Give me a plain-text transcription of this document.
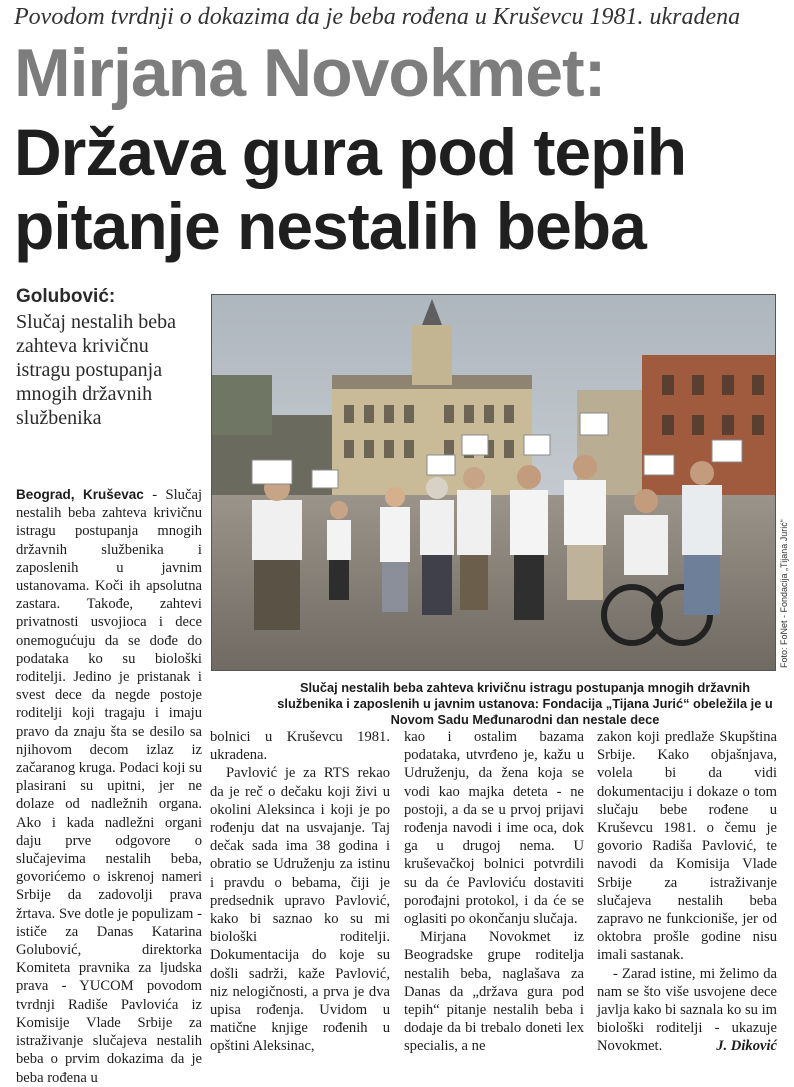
Povodom tvrdnji o dokazima da je beba rođena u Kruševcu 1981. ukradena
Mirjana Novokmet:
Država gura pod tepih
pitanje nestalih beba
Golubović:
Slučaj nestalih beba zahteva krivičnu istragu postupanja mnogih državnih službenika
Foto: FoNet - Fondacija „Tijana Jurić“
Slučaj nestalih beba zahteva krivičnu istragu postupanja mnogih državnih službenika i zaposlenih u javnim ustanova: Fondacija „Tijana Jurić“ obeležila je u Novom Sadu Međunarodni dan nestale dece

Beograd, Kruševac - Slučaj nestalih beba zahteva krivičnu istragu postupanja mnogih državnih službenika i zaposlenih u javnim ustanovama. Koči ih apsolutna zastara. Takođe, zahtevi privatnosti usvojioca i dece onemogućuju da se dođe do podataka ko su biološki roditelji. Jedino je pristanak i svest dece da negde postoje roditelji koji tragaju i imaju pravo da znaju šta se desilo sa njihovom decom izlaz iz začaranog kruga. Podaci koji su plasirani su upitni, jer ne dolaze od nadležnih organa. Ako i kada nadležni organi daju prve odgovore o slučajevima nestalih beba, govorićemo o iskrenoj nameri Srbije da zadovolji prava žrtava. Sve dotle je populizam - ističe za Danas Katarina Golubović, direktorka Komiteta pravnika za ljudska prava - YUCOM povodom tvrdnji Radiše Pavlovića iz Komisije Vlade Srbije za istraživanje slučajeva nestalih beba o prvim dokazima da je beba rođena u

bolnici u Kruševcu 1981. ukradena.

Pavlović je za RTS rekao da je reč o dečaku koji živi u okolini Aleksinca i koji je po rođenju dat na usvajanje. Taj dečak sada ima 38 godina i obratio se Udruženju za istinu i pravdu o bebama, čiji je predsednik upravo Pavlović, kako bi saznao ko su mi biološki roditelji. Dokumentacija do koje su došli sadrži, kaže Pavlović, niz nelogičnosti, a prva je dva upisa rođenja. Uvidom u matične knjige rođenih u opštini Aleksinac,

kao i ostalim bazama podataka, utvrđeno je, kažu u Udruženju, da žena koja se vodi kao majka deteta - ne postoji, a da se u prvoj prijavi rođenja navodi i ime oca, dok ga u drugoj nema. U kruševačkoj bolnici potvrdili su da će Pavloviću dostaviti porođajni protokol, i da će se oglasiti po okončanju slučaja.

Mirjana Novokmet iz Beogradske grupe roditelja nestalih beba, naglašava za Danas da „država gura pod tepih“ pitanje nestalih beba i dodaje da bi trebalo doneti lex specialis, a ne

zakon koji predlaže Skupština Srbije. Kako objašnjava, volela bi da vidi dokumentaciju i dokaze o tom slučaju bebe rođene u Kruševcu 1981. o čemu je govorio Radiša Pavlović, te navodi da Komisija Vlade Srbije za istraživanje slučajeva nestalih beba zapravo ne funkcioniše, jer od oktobra prošle godine nisu imali sastanak.

- Zarad istine, mi želimo da nam se što više usvojene dece javlja kako bi saznala ko su im biološki roditelji - ukazuje Novokmet.	J. Diković
